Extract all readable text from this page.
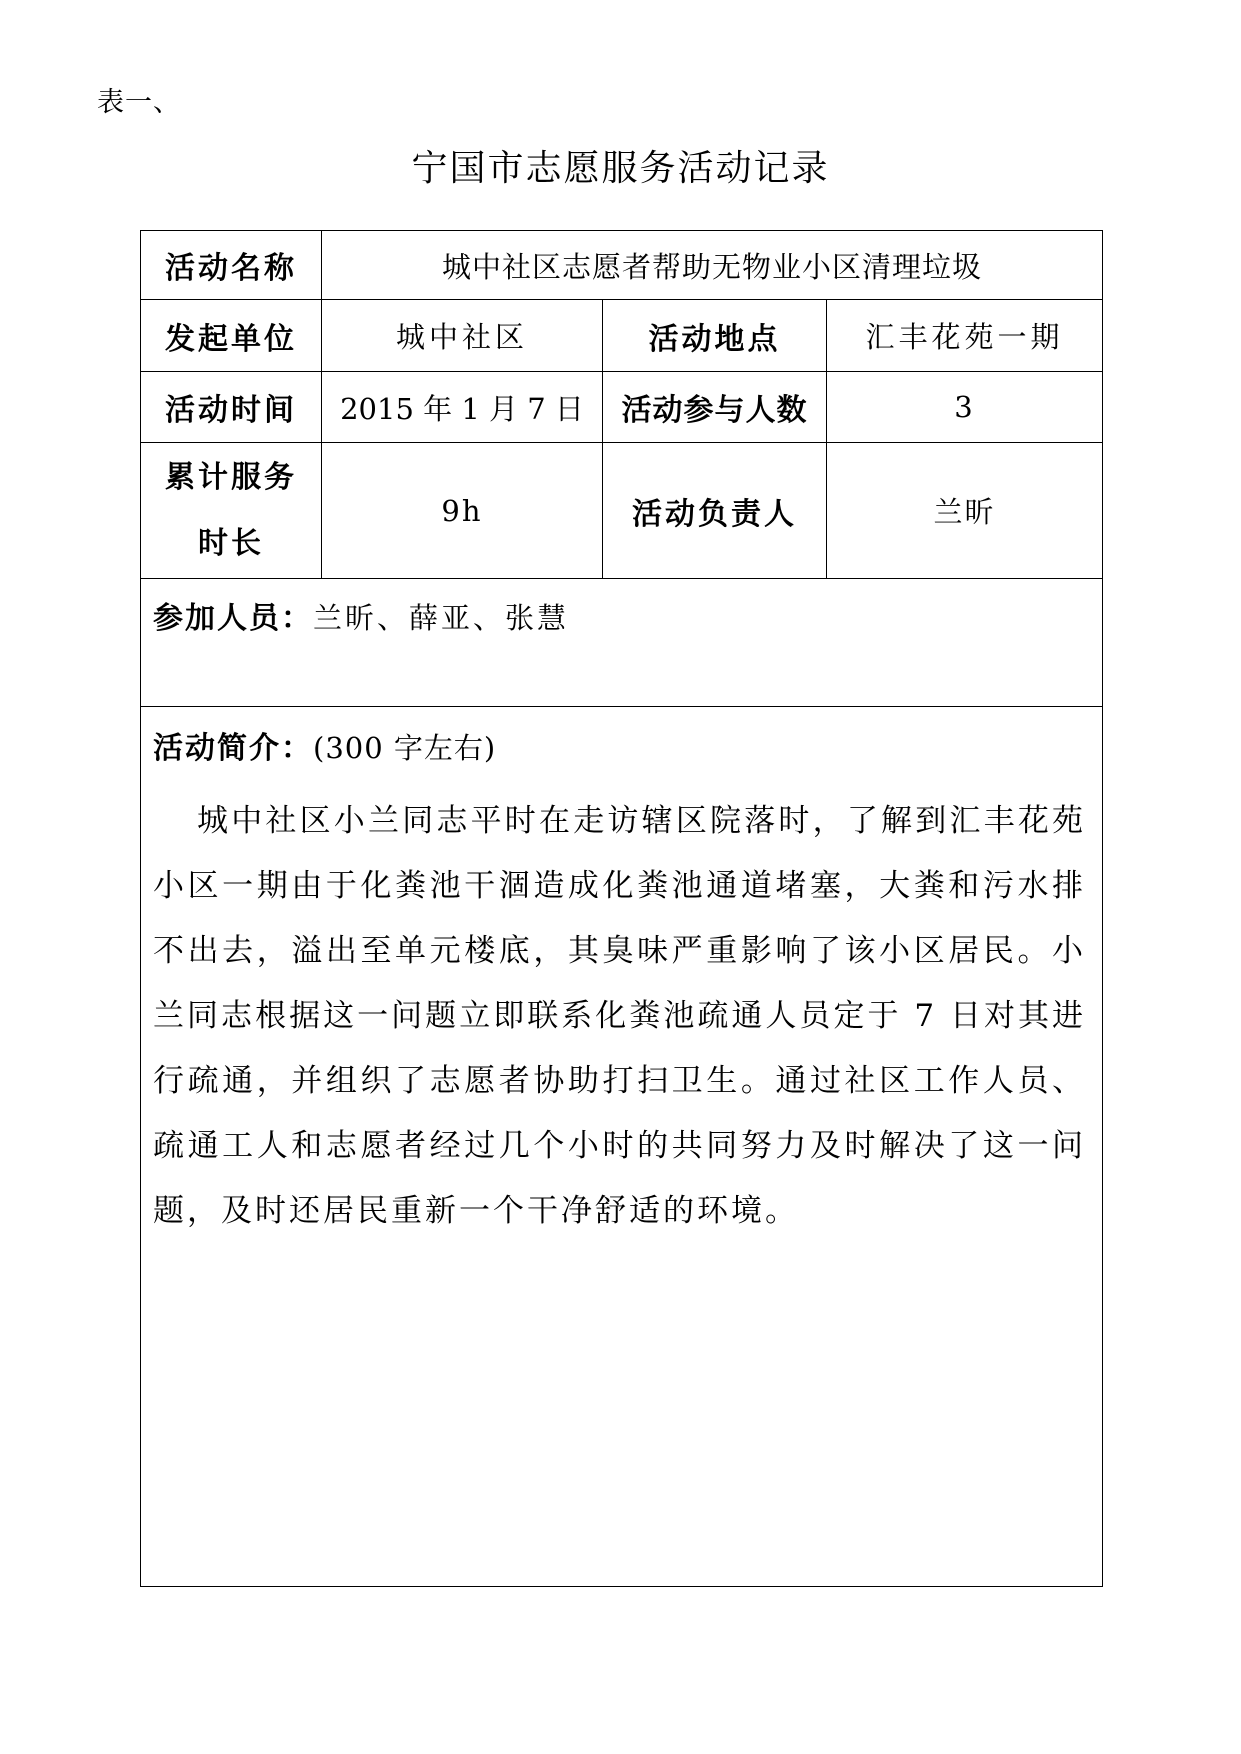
表一、
宁国市志愿服务活动记录
活动名称	城中社区志愿者帮助无物业小区清理垃圾		
发起单位	城中社区	活动地点	汇丰花苑一期
活动时间	2015 年 1 月 7 日	活动参与人数	3

累计服务
时长	9h	活动负责人	兰昕

参加人员：兰昕、薛亚、张慧			

活动简介：(300 字左右)
城中社区小兰同志平时在走访辖区院落时，了解到汇丰花苑小区一期由于化粪池干涸造成化粪池通道堵塞，大粪和污水排不出去，溢出至单元楼底，其臭味严重影响了该小区居民。小兰同志根据这一问题立即联系化粪池疏通人员定于 7 日对其进行疏通，并组织了志愿者协助打扫卫生。通过社区工作人员、疏通工人和志愿者经过几个小时的共同努力及时解决了这一问题，及时还居民重新一个干净舒适的环境。			
